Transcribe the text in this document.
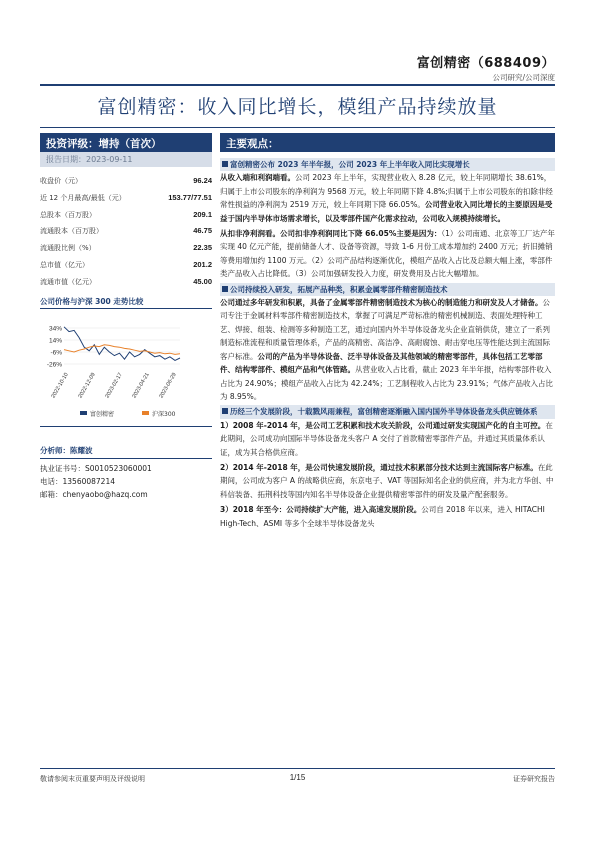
富创精密（688409）
公司研究/公司深度
富创精密：收入同比增长，模组产品持续放量
投资评级：增持（首次）
报告日期：2023-09-11
收盘价（元）	96.24
近 12 个月最高/最低（元）	153.77/77.51
总股本（百万股）	209.1
流通股本（百万股）	46.75
流通股比例（%）	22.35
总市值（亿元）	201.2
流通市值（亿元）	45.00
公司价格与沪深 300 走势比较
34%
14%
-6%
-26%
2022-10-10 2022-12-09 2023-02-17 2023-04-21 2023-06-29
富创精密	沪深300
分析师：陈耀波
执业证书号：S0010523060001
电话：13560087214
邮箱：chenyaobo@hazq.com
主要观点：
富创精密公布 2023 年半年报，公司 2023 年上半年收入同比实现增长
从收入端和利润端看。公司 2023 年上半年，实现营业收入 8.28 亿元，较上年同期增长 38.61%，归属于上市公司股东的净利润为 9568 万元，较上年同期下降 4.8%;归属于上市公司股东的扣除非经常性损益的净利润为 2519 万元，较上年同期下降 66.05%。公司营业收入同比增长的主要原因是受益于国内半导体市场需求增长，以及零部件国产化需求拉动，公司收入规模持续增长。
从扣非净利润看。公司扣非净利润同比下降 66.05%主要是因为：（1）公司南通、北京等工厂达产年实现 40 亿元产能，提前储备人才、设备等资源，导致 1-6 月份工成本增加约 2400 万元；折旧摊销等费用增加约 1100 万元。（2）公司产品结构逐渐优化，模组产品收入占比及总额大幅上涨，零部件类产品收入占比降低。（3）公司加强研发投入力度，研发费用及占比大幅增加。
公司持续投入研发，拓展产品种类，积累金属零部件精密制造技术
公司通过多年研发和积累，具备了金属零部件精密制造技术为核心的制造能力和研发及人才储备。公司专注于金属材料零部件精密制造技术，掌握了可满足严苛标准的精密机械制造、表面处理特种工艺、焊接、组装、检测等多种制造工艺，通过向国内外半导体设备龙头企业直销供货，建立了一系列制造标准流程和质量管理体系，产品的高精密、高洁净、高耐腐蚀、耐击穿电压等性能达到主流国际客户标准。公司的产品为半导体设备、泛半导体设备及其他领域的精密零部件，具体包括工艺零部件、结构零部件、模组产品和气体管路。从营业收入占比看，截止 2023 年半年报，结构零部件收入占比为 24.90%；模组产品收入占比为 42.24%；工艺制程收入占比为 23.91%；气体产品收入占比为 8.95%。
历经三个发展阶段，十载戮风雨兼程，富创精密逐渐融入国内国外半导体设备龙头供应链体系
1）2008 年-2014 年，是公司工艺积累和技术攻关阶段，公司通过研发实现国产化的自主可控。在此期间，公司成功向国际半导体设备龙头客户 A 交付了首款精密零部件产品，并通过其质量体系认证，成为其合格供应商。
2）2014 年-2018 年，是公司快速发展阶段，通过技术积累部分技术达到主流国际客户标准。在此期间，公司成为客户 A 的战略供应商，东京电子、VAT 等国际知名企业的供应商，并为北方华创、中科信装备、拓荆科技等国内知名半导体设备企业提供精密零部件的研发及量产配套服务。
3）2018 年至今：公司持续扩大产能，进入高速发展阶段。公司自 2018 年以来，进入 HITACHI High-Tech、ASMI 等多个全球半导体设备龙头
敬请参阅末页重要声明及评级说明	1/15	证券研究报告
